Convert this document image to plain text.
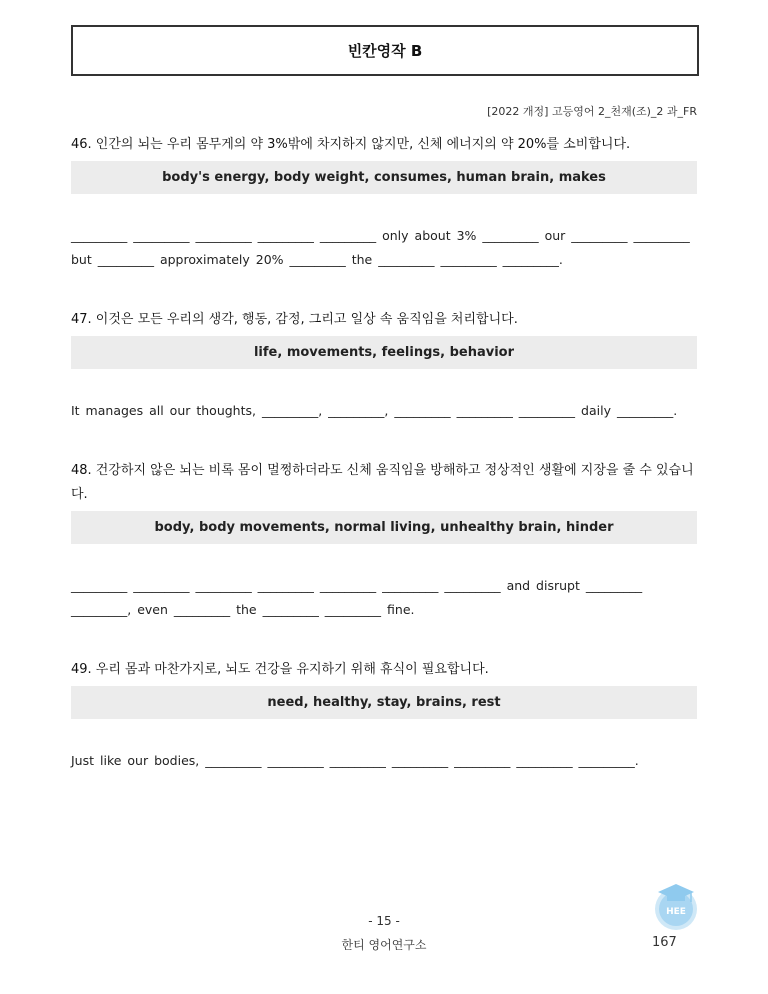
빈칸영작 B
[2022 개정] 고등영어 2_천재(조)_2 과_FR
46. 인간의 뇌는 우리 몸무게의 약 3%밖에 차지하지 않지만, 신체 에너지의 약 20%를 소비합니다.
body's energy, body weight, consumes, human brain, makes
_________ _________ _________ _________ _________ only about 3% _________ our _________ _________
but _________ approximately 20% _________ the _________ _________ _________.
47. 이것은 모든 우리의 생각, 행동, 감정, 그리고 일상 속 움직임을 처리합니다.
life, movements, feelings, behavior
It manages all our thoughts, _________, _________, _________ _________ _________ daily _________.
48. 건강하지 않은 뇌는 비록 몸이 멀쩡하더라도 신체 움직임을 방해하고 정상적인 생활에 지장을 줄 수 있습니다.
body, body movements, normal living, unhealthy brain, hinder
_________ _________ _________ _________ _________ _________ _________ and disrupt _________
_________, even _________ the _________ _________ fine.
49. 우리 몸과 마찬가지로, 뇌도 건강을 유지하기 위해 휴식이 필요합니다.
need, healthy, stay, brains, rest
Just like our bodies, _________ _________ _________ _________ _________ _________ _________.
- 15 -
한티 영어연구소
HEE
167
